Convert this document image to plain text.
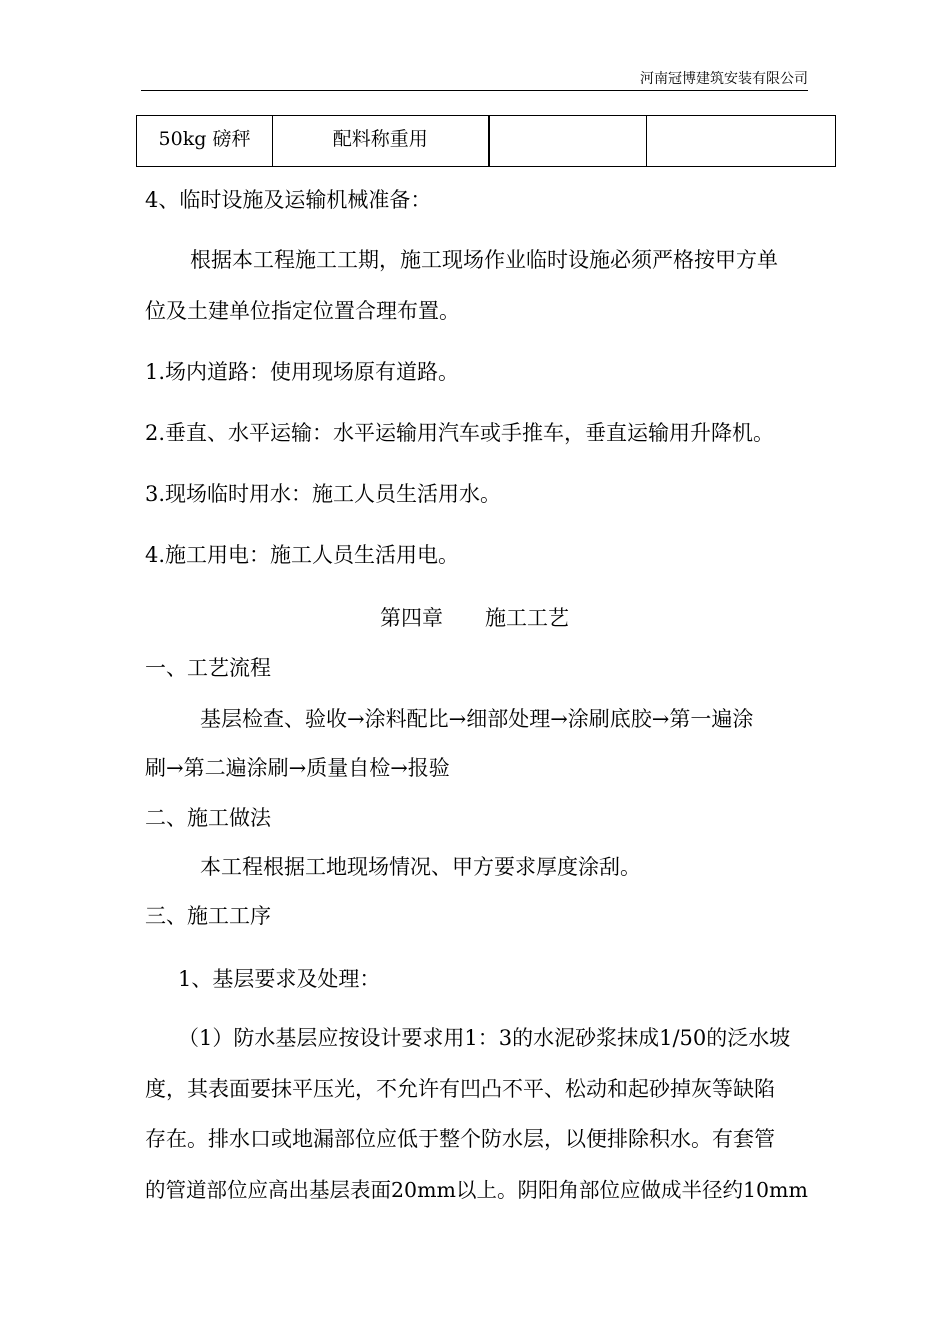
河南冠博建筑安装有限公司
50kg 磅秤	配料称重用		
4、临时设施及运输机械准备：
根据本工程施工工期，施工现场作业临时设施必须严格按甲方单
位及土建单位指定位置合理布置。
1.场内道路：使用现场原有道路。
2.垂直、水平运输：水平运输用汽车或手推车，垂直运输用升降机。
3.现场临时用水：施工人员生活用水。
4.施工用电：施工人员生活用电。
第四章　　施工工艺
一、工艺流程
基层检查、验收→涂料配比→细部处理→涂刷底胶→第一遍涂
刷→第二遍涂刷→质量自检→报验
二、施工做法
本工程根据工地现场情况、甲方要求厚度涂刮。
三、施工工序
1、基层要求及处理：
（1）防水基层应按设计要求用1：3的水泥砂浆抹成1/50的泛水坡
度，其表面要抹平压光，不允许有凹凸不平、松动和起砂掉灰等缺陷
存在。排水口或地漏部位应低于整个防水层，以便排除积水。有套管
的管道部位应高出基层表面20mm以上。阴阳角部位应做成半径约10mm
